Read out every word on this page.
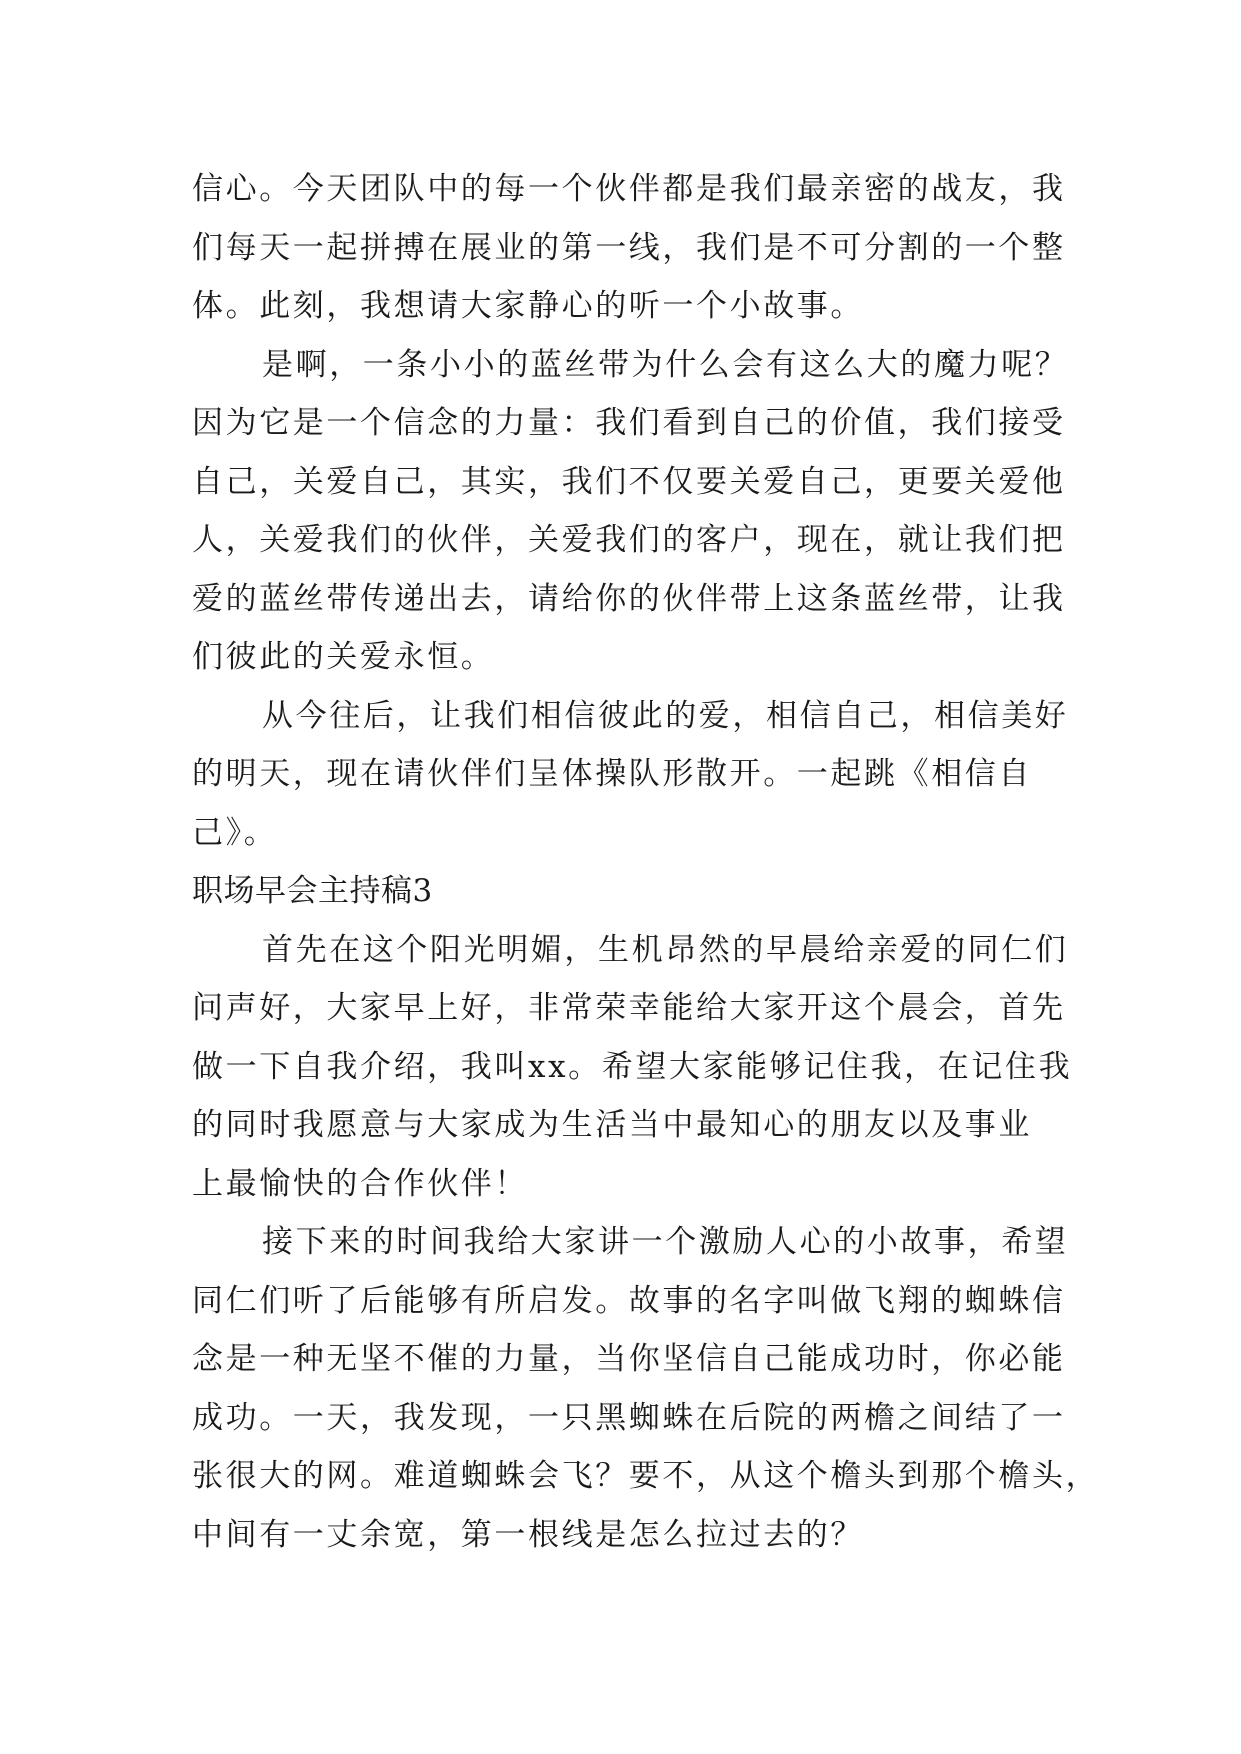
信心。今天团队中的每一个伙伴都是我们最亲密的战友，我
们每天一起拼搏在展业的第一线，我们是不可分割的一个整
体。此刻，我想请大家静心的听一个小故事。
是啊，一条小小的蓝丝带为什么会有这么大的魔力呢？
因为它是一个信念的力量：我们看到自己的价值，我们接受
自己，关爱自己，其实，我们不仅要关爱自己，更要关爱他
人，关爱我们的伙伴，关爱我们的客户，现在，就让我们把
爱的蓝丝带传递出去，请给你的伙伴带上这条蓝丝带，让我
们彼此的关爱永恒。
从今往后，让我们相信彼此的爱，相信自己，相信美好
的明天，现在请伙伴们呈体操队形散开。一起跳《相信自
己》。
职场早会主持稿3
首先在这个阳光明媚，生机昂然的早晨给亲爱的同仁们
问声好，大家早上好，非常荣幸能给大家开这个晨会，首先
做一下自我介绍，我叫xx。希望大家能够记住我，在记住我
的同时我愿意与大家成为生活当中最知心的朋友以及事业
上最愉快的合作伙伴！
接下来的时间我给大家讲一个激励人心的小故事，希望
同仁们听了后能够有所启发。故事的名字叫做飞翔的蜘蛛信
念是一种无坚不催的力量，当你坚信自己能成功时，你必能
成功。一天，我发现，一只黑蜘蛛在后院的两檐之间结了一
张很大的网。难道蜘蛛会飞？要不，从这个檐头到那个檐头，
中间有一丈余宽，第一根线是怎么拉过去的？
